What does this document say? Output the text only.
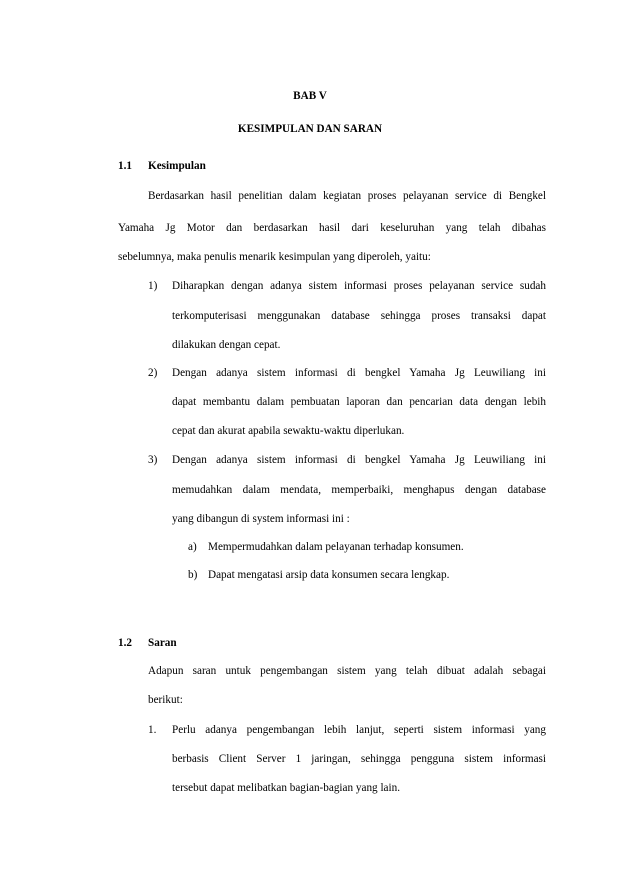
BAB V
KESIMPULAN DAN SARAN
1.1 Kesimpulan
Berdasarkan hasil penelitian dalam kegiatan proses pelayanan service di Bengkel
Yamaha Jg Motor dan berdasarkan hasil dari keseluruhan yang telah dibahas
sebelumnya, maka penulis menarik kesimpulan yang diperoleh, yaitu:
1) Diharapkan dengan adanya sistem informasi proses pelayanan service sudah
terkomputerisasi menggunakan database sehingga proses transaksi dapat
dilakukan dengan cepat.
2) Dengan adanya sistem informasi di bengkel Yamaha Jg Leuwiliang ini
dapat membantu dalam pembuatan laporan dan pencarian data dengan lebih
cepat dan akurat apabila sewaktu-waktu diperlukan.
3) Dengan adanya sistem informasi di bengkel Yamaha Jg Leuwiliang ini
memudahkan dalam mendata, memperbaiki, menghapus dengan database
yang dibangun di system informasi ini :
a) Mempermudahkan dalam pelayanan terhadap konsumen.
b) Dapat mengatasi arsip data konsumen secara lengkap.
1.2 Saran
Adapun saran untuk pengembangan sistem yang telah dibuat adalah sebagai
berikut:
1. Perlu adanya pengembangan lebih lanjut, seperti sistem informasi yang
berbasis Client Server 1 jaringan, sehingga pengguna sistem informasi
tersebut dapat melibatkan bagian-bagian yang lain.
